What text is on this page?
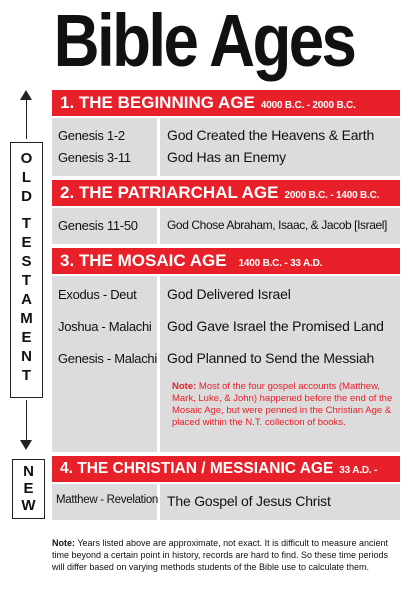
Bible Ages
O
L
D
T
E
S
T
A
M
E
N
T
N
E
W
1. THE BEGINNING AGE 4000 B.C. - 2000 B.C.
Genesis 1-2	God Created the Heavens & Earth
Genesis 3-11	God Has an Enemy
2. THE PATRIARCHAL AGE 2000 B.C. - 1400 B.C.
Genesis 11-50 God Chose Abraham, Isaac, & Jacob [Israel]
3. THE MOSAIC AGE 1400 B.C. - 33 A.D.
Exodus - Deut God Delivered Israel
Joshua - Malachi God Gave Israel the Promised Land
Genesis - Malachi God Planned to Send the Messiah
Note: Most of the four gospel accounts (Matthew, Mark, Luke, & John) happened before the end of the Mosaic Age, but were penned in the Christian Age & placed within the N.T. collection of books.
4. THE CHRISTIAN / MESSIANIC AGE 33 A.D. -
Matthew - Revelation The Gospel of Jesus Christ
Note: Years listed above are approximate, not exact. It is difficult to measure ancient time beyond a certain point in history, records are hard to find. So these time periods will differ based on varying methods students of the Bible use to calculate them.
